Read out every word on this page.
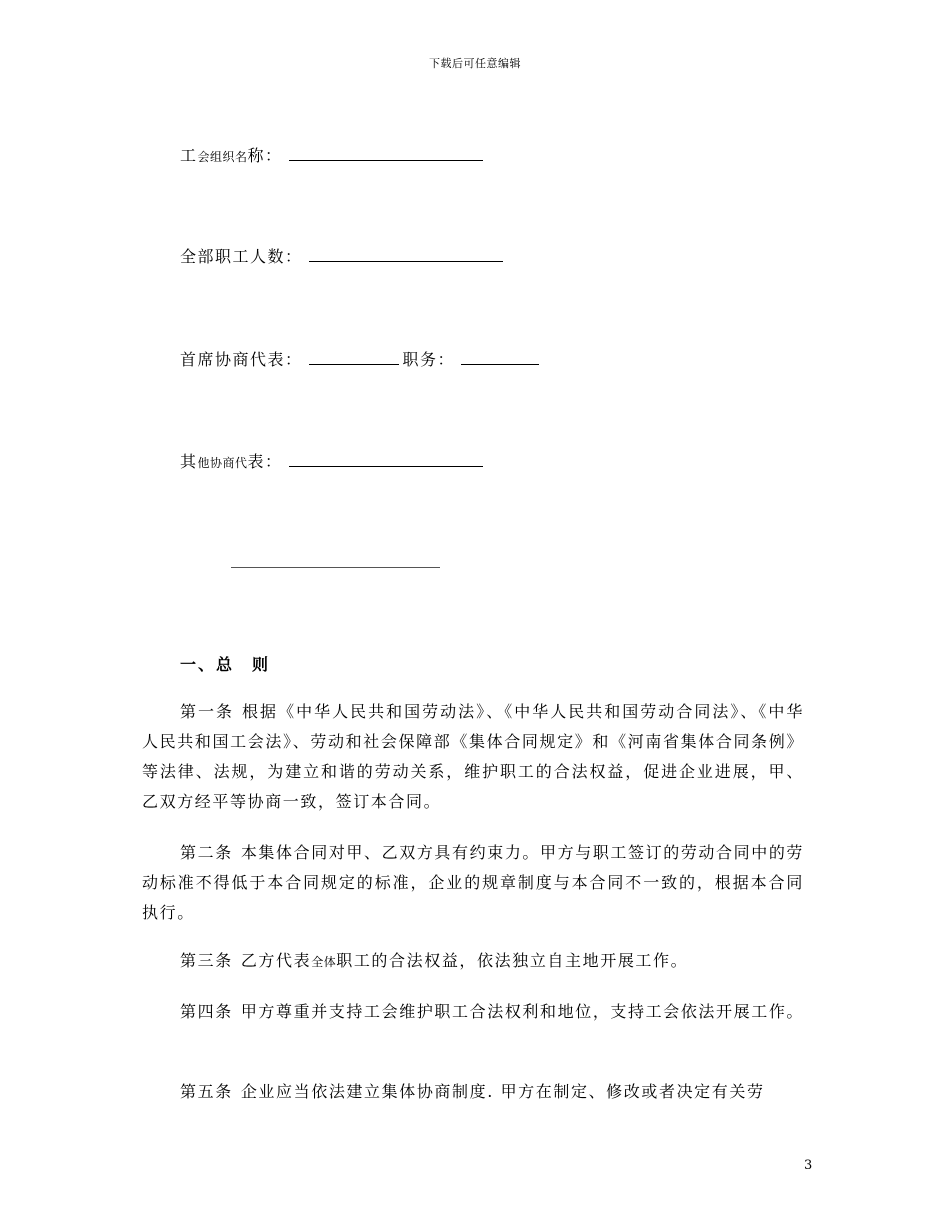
下载后可任意编辑
工会组织名称：
全部职工人数：
首席协商代表：	职务：
其他协商代表：
一、总　则
第一条 根据《中华人民共和国劳动法》、《中华人民共和国劳动合同法》、《中华人民共和国工会法》、劳动和社会保障部《集体合同规定》和《河南省集体合同条例》等法律、法规，为建立和谐的劳动关系，维护职工的合法权益，促进企业进展，甲、乙双方经平等协商一致，签订本合同。
第二条 本集体合同对甲、乙双方具有约束力。甲方与职工签订的劳动合同中的劳动标准不得低于本合同规定的标准，企业的规章制度与本合同不一致的，根据本合同执行。
第三条 乙方代表全体职工的合法权益，依法独立自主地开展工作。
第四条 甲方尊重并支持工会维护职工合法权利和地位，支持工会依法开展工作。
第五条 企业应当依法建立集体协商制度. 甲方在制定、修改或者决定有关劳
3
